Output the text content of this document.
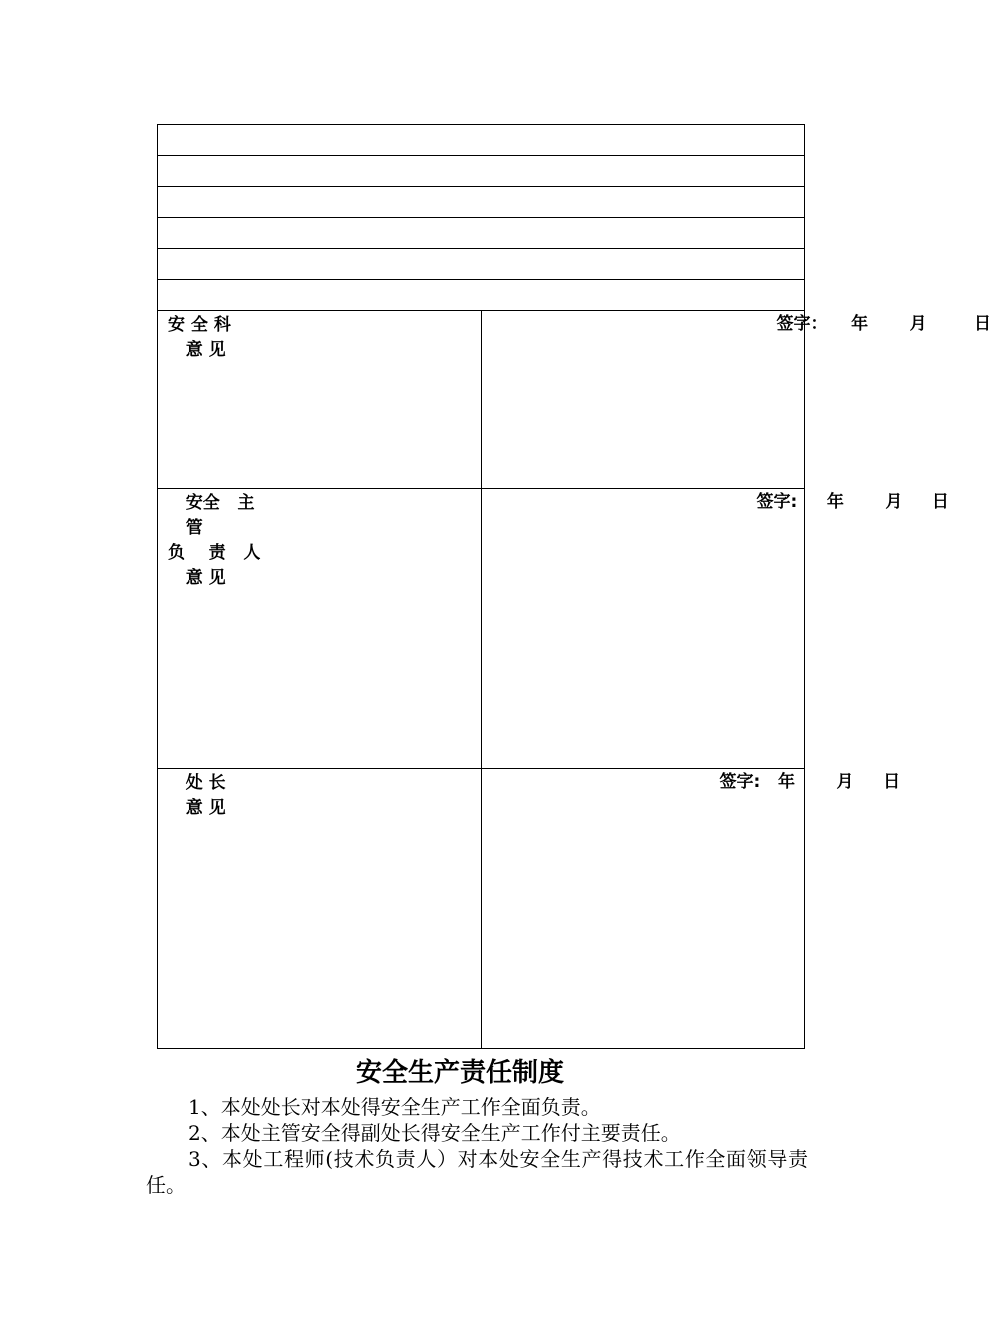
安 全 科
意 见	签字：    年       月        日

安全   主
管
负    责   人
意 见	签字:     年       月     日

处 长
意 见	签字:   年       月     日
安全生产责任制度

1、本处处长对本处得安全生产工作全面负责。

2、本处主管安全得副处长得安全生产工作付主要责任。

3、本处工程师(技术负责人）对本处安全生产得技术工作全面领导责任。
